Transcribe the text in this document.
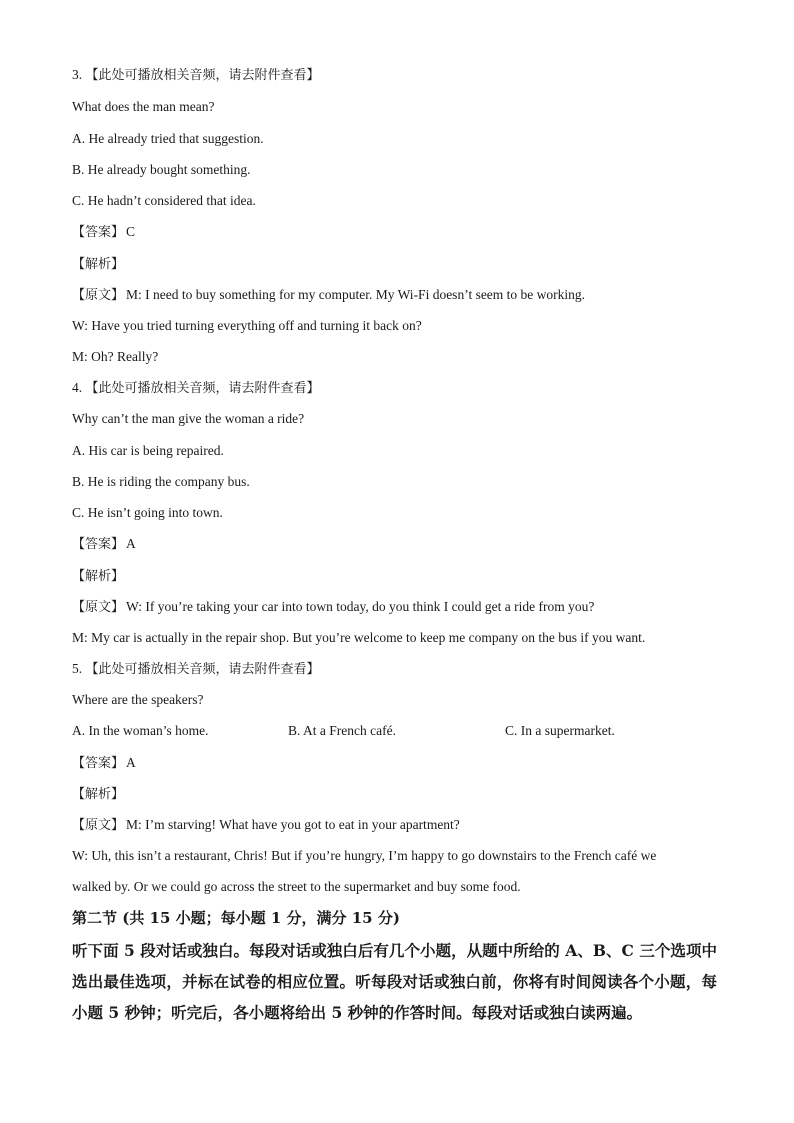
3. 【此处可播放相关音频，请去附件查看】
What does the man mean?
A. He already tried that suggestion.
B. He already bought something.
C. He hadn’t considered that idea.
【答案】 C
【解析】
【原文】 M: I need to buy something for my computer. My Wi-Fi doesn’t seem to be working.
W: Have you tried turning everything off and turning it back on?
M: Oh? Really?
4. 【此处可播放相关音频，请去附件查看】
Why can’t the man give the woman a ride?
A. His car is being repaired.
B. He is riding the company bus.
C. He isn’t going into town.
【答案】 A
【解析】
【原文】 W: If you’re taking your car into town today, do you think I could get a ride from you?
M: My car is actually in the repair shop. But you’re welcome to keep me company on the bus if you want.
5. 【此处可播放相关音频，请去附件查看】
Where are the speakers?
A. In the woman’s home.	B. At a French café.	C. In a supermarket.
【答案】 A
【解析】
【原文】 M: I’m starving! What have you got to eat in your apartment?
W: Uh, this isn’t a restaurant, Chris! But if you’re hungry, I’m happy to go downstairs to the French café we
walked by. Or we could go across the street to the supermarket and buy some food.
第二节 (共 15 小题；每小题 1 分，满分 15 分)
听下面 5 段对话或独白。每段对话或独白后有几个小题，从题中所给的 A、B、C 三个选项中选出最佳选项，并标在试卷的相应位置。听每段对话或独白前，你将有时间阅读各个小题，每小题 5 秒钟；听完后，各小题将给出 5 秒钟的作答时间。每段对话或独白读两遍。
